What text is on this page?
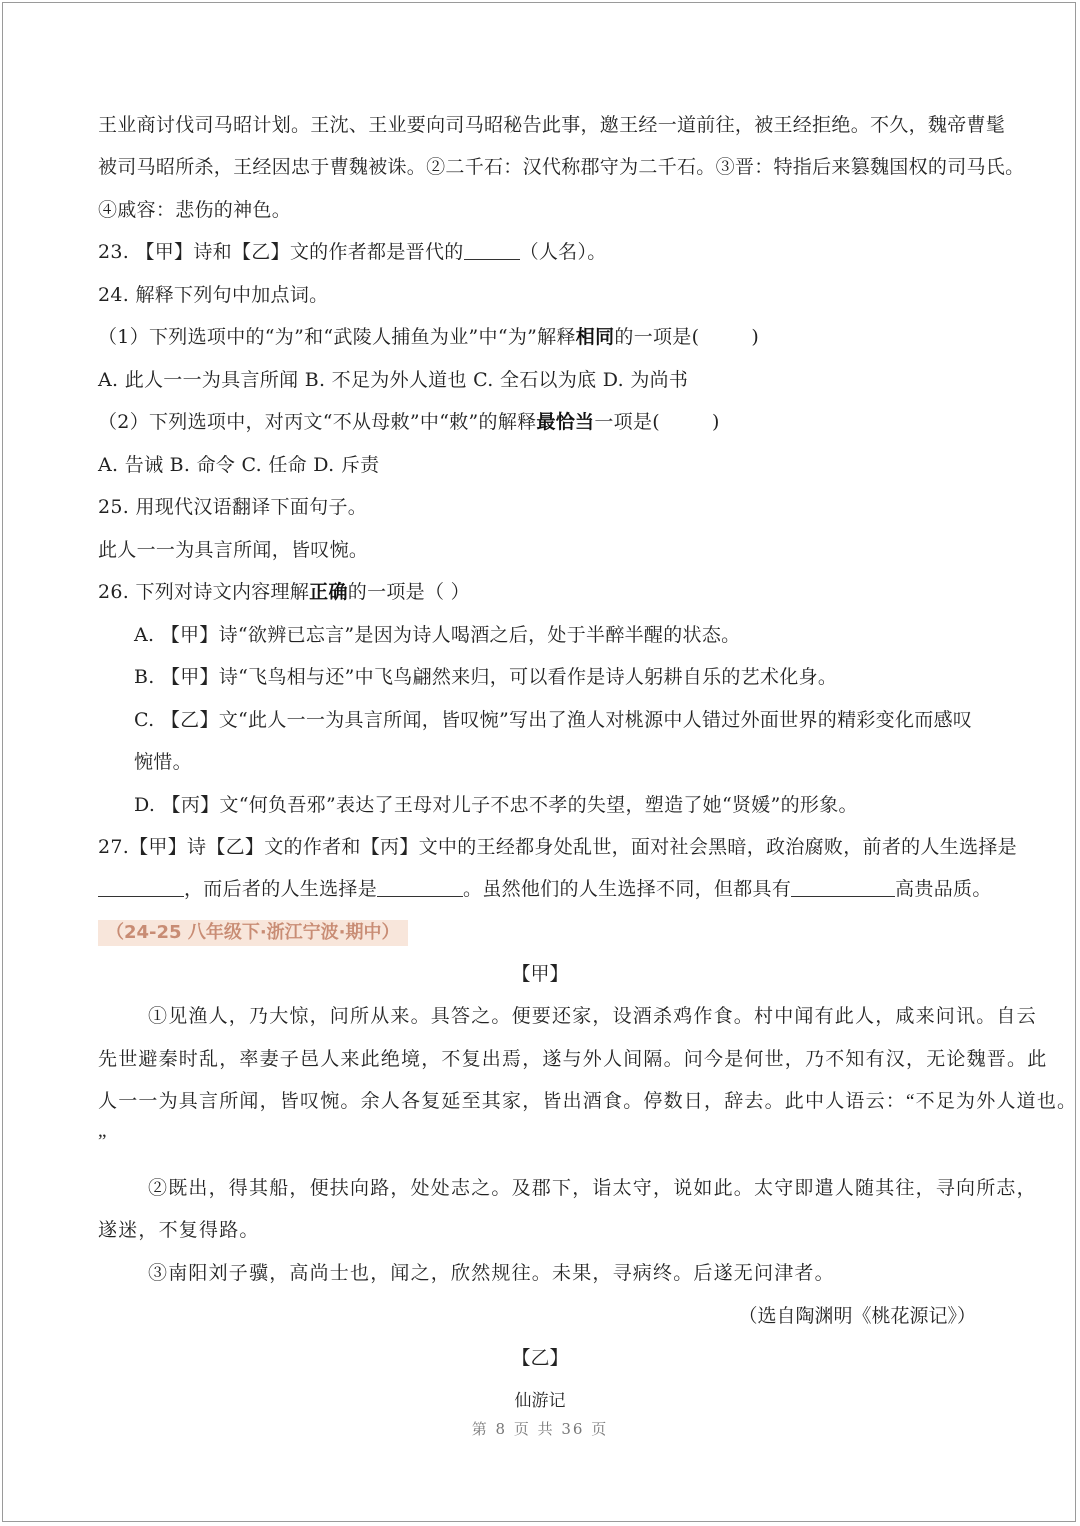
王业商讨伐司马昭计划。王沈、王业要向司马昭秘告此事，邀王经一道前往，被王经拒绝。不久，魏帝曹髦
被司马昭所杀，王经因忠于曹魏被诛。②二千石：汉代称郡守为二千石。③晋：特指后来篡魏国权的司马氏。
④戚容：悲伤的神色。
23. 【甲】诗和【乙】文的作者都是晋代的	（人名）。
24. 解释下列句中加点词。
（1）下列选项中的“为”和“武陵人捕鱼为业”中“为”解释相同的一项是(	)
A. 此人一一为具言所闻 B. 不足为外人道也 C. 全石以为底 D. 为尚书
（2）下列选项中，对丙文“不从母敕”中“敕”的解释最恰当一项是(	)
A. 告诫 B. 命令 C. 任命 D. 斥责
25. 用现代汉语翻译下面句子。
此人一一为具言所闻，皆叹惋。
26. 下列对诗文内容理解正确的一项是（ ）
A. 【甲】诗“欲辨已忘言”是因为诗人喝酒之后，处于半醉半醒的状态。
B. 【甲】诗“飞鸟相与还”中飞鸟翩然来归，可以看作是诗人躬耕自乐的艺术化身。
C. 【乙】文“此人一一为具言所闻，皆叹惋”写出了渔人对桃源中人错过外面世界的精彩变化而感叹
惋惜。
D. 【丙】文“何负吾邪”表达了王母对儿子不忠不孝的失望，塑造了她“贤媛”的形象。
27.【甲】诗【乙】文的作者和【丙】文中的王经都身处乱世，面对社会黑暗，政治腐败，前者的人生选择是
，而后者的人生选择是	。虽然他们的人生选择不同，但都具有	高贵品质。
（24-25 八年级下·浙江宁波·期中）
【甲】
①见渔人，乃大惊，问所从来。具答之。便要还家，设酒杀鸡作食。村中闻有此人，咸来问讯。自云
先世避秦时乱，率妻子邑人来此绝境，不复出焉，遂与外人间隔。问今是何世，乃不知有汉，无论魏晋。此
人一一为具言所闻，皆叹惋。余人各复延至其家，皆出酒食。停数日，辞去。此中人语云：“不足为外人道也。
”
②既出，得其船，便扶向路，处处志之。及郡下，诣太守，说如此。太守即遣人随其往，寻向所志，
遂迷，不复得路。
③南阳刘子骥，高尚士也，闻之，欣然规往。未果，寻病终。后遂无问津者。
（选自陶渊明《桃花源记》）
【乙】
仙游记
第 8 页 共 36 页
